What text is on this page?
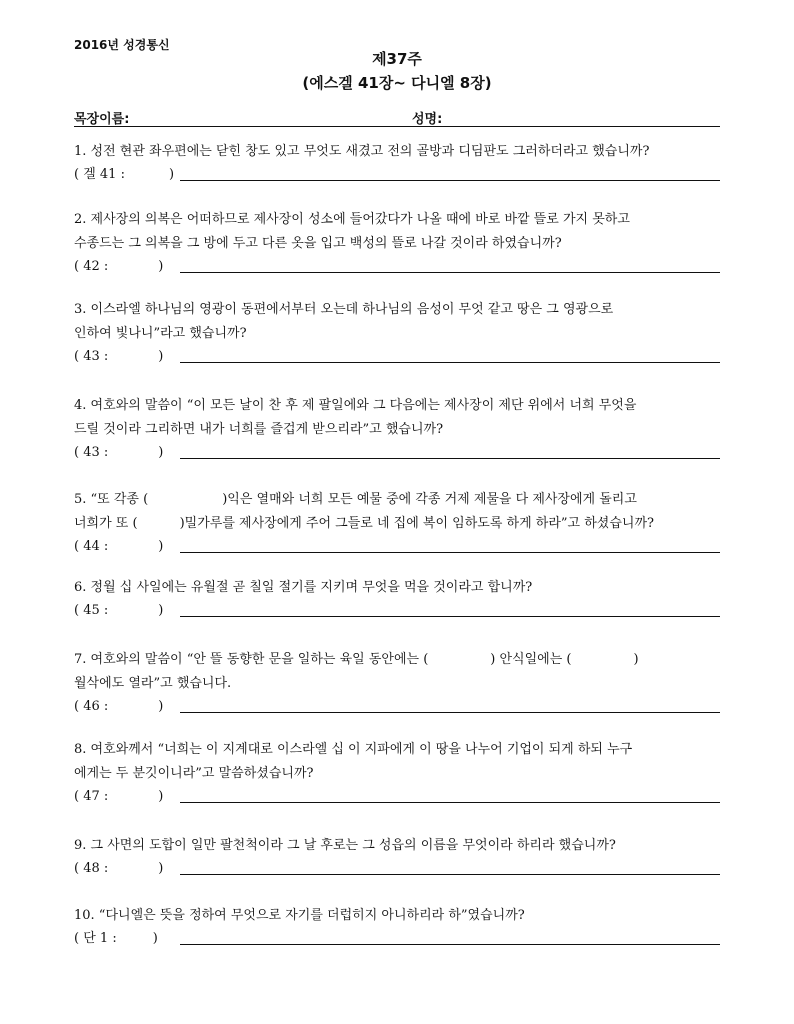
2016년 성경통신
제37주
(에스겔 41장~ 다니엘 8장)
목장이름:	성명:
1. 성전 현관 좌우편에는 닫힌 창도 있고 무엇도 새겼고 전의 골방과 디딤판도 그러하더라고 했습니까?
( 겔 41 :	)
2. 제사장의 의복은 어떠하므로 제사장이 성소에 들어갔다가 나올 때에 바로 바깥 뜰로 가지 못하고
수종드는 그 의복을 그 방에 두고 다른 옷을 입고 백성의 뜰로 나갈 것이라 하였습니까?
( 42 :	)
3. 이스라엘 하나님의 영광이 동편에서부터 오는데 하나님의 음성이 무엇 같고 땅은 그 영광으로
인하여 빛나니”라고 했습니까?
( 43 :	)
4. 여호와의 말씀이 “이 모든 날이 찬 후 제 팔일에와 그 다음에는 제사장이 제단 위에서 너희 무엇을
드릴 것이라 그리하면 내가 너희를 즐겁게 받으리라”고 했습니까?
( 43 :	)
5. “또 각종 (	)익은 열매와 너희 모든 예물 중에 각종 거제 제물을 다 제사장에게 돌리고
너희가 또 (	)밀가루를 제사장에게 주어 그들로 네 집에 복이 임하도록 하게 하라”고 하셨습니까?
( 44 :	)
6. 정월 십 사일에는 유월절 곧 칠일 절기를 지키며 무엇을 먹을 것이라고 합니까?
( 45 :	)
7. 여호와의 말씀이 “안 뜰 동향한 문을 일하는 육일 동안에는 (	) 안식일에는 (	)
월삭에도 열라”고 했습니다.
( 46 :	)
8. 여호와께서 “너희는 이 지계대로 이스라엘 십 이 지파에게 이 땅을 나누어 기업이 되게 하되 누구
에게는 두 분깃이니라”고 말씀하셨습니까?
( 47 :	)
9. 그 사면의 도합이 일만 팔천척이라 그 날 후로는 그 성읍의 이름을 무엇이라 하리라 했습니까?
( 48 :	)
10. “다니엘은 뜻을 정하여 무엇으로 자기를 더럽히지 아니하리라 하”였습니까?
( 단 1 :	)
